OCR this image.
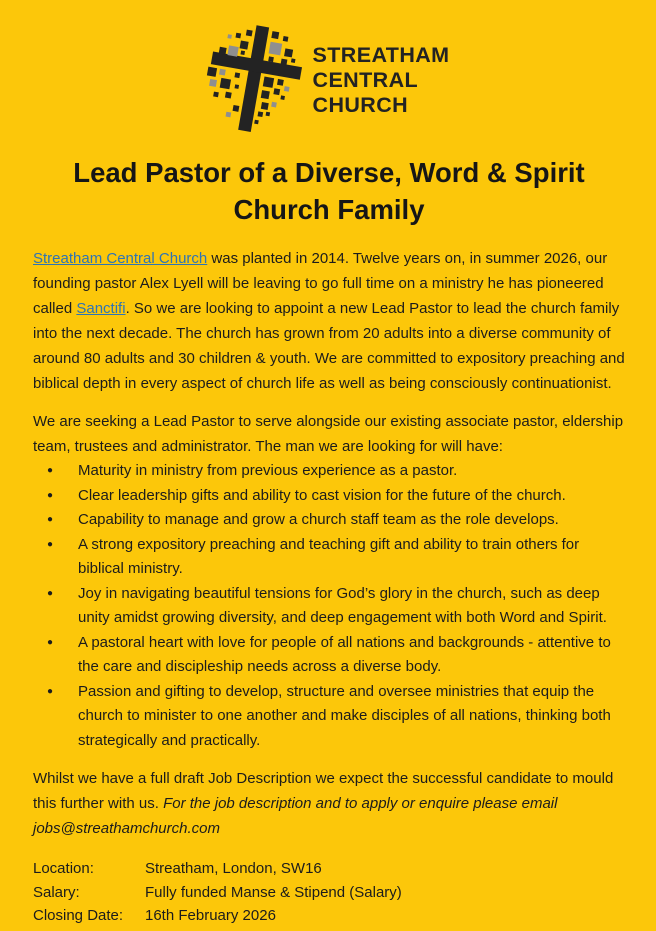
STREATHAM
CENTRAL
CHURCH
Lead Pastor of a Diverse, Word & Spirit
Church Family

Streatham Central Church was planted in 2014. Twelve years on, in summer 2026, our founding pastor Alex Lyell will be leaving to go full time on a ministry he has pioneered called Sanctifi. So we are looking to appoint a new Lead Pastor to lead the church family into the next decade. The church has grown from 20 adults into a diverse community of around 80 adults and 30 children & youth. We are committed to expository preaching and biblical depth in every aspect of church life as well as being consciously continuationist.

We are seeking a Lead Pastor to serve alongside our existing associate pastor, eldership team, trustees and administrator. The man we are looking for will have:

● Maturity in ministry from previous experience as a pastor.
● Clear leadership gifts and ability to cast vision for the future of the church.
● Capability to manage and grow a church staff team as the role develops.
● A strong expository preaching and teaching gift and ability to train others for biblical ministry.
● Joy in navigating beautiful tensions for God’s glory in the church, such as deep unity amidst growing diversity, and deep engagement with both Word and Spirit.
● A pastoral heart with love for people of all nations and backgrounds - attentive to the care and discipleship needs across a diverse body.
● Passion and gifting to develop, structure and oversee ministries that equip the church to minister to one another and make disciples of all nations, thinking both strategically and practically.

Whilst we have a full draft Job Description we expect the successful candidate to mould this further with us. For the job description and to apply or enquire please email jobs@streathamchurch.com

Location:	Streatham, London, SW16
Salary:	Fully funded Manse & Stipend (Salary)
Closing Date:	16th February 2026
